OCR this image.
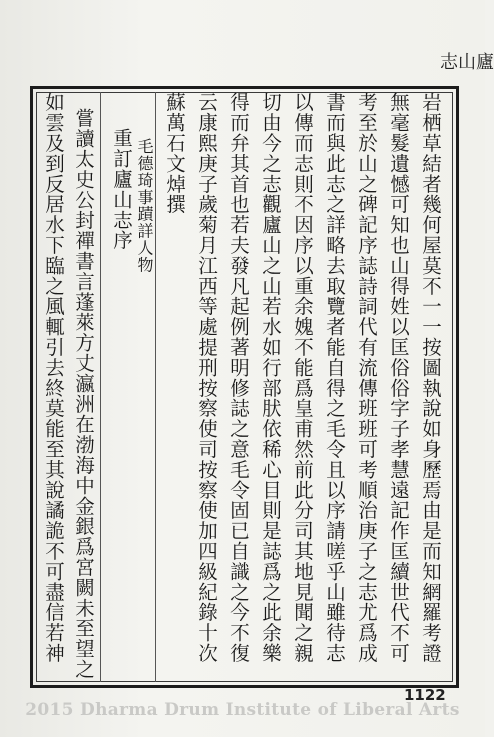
廬山志
岩栖草結者幾何屋莫不一一按圖執說如身歷焉由是而知網羅考證
無毫髮遺憾可知也山得姓以匡俗俗字子孝慧遠記作匡續世代不可
考至於山之碑記序誌詩詞代有流傳班班可考順治庚子之志尤爲成
書而與此志之詳略去取覽者能自得之毛令且以序請嗟乎山雖待志
以傳而志則不因序以重余媿不能爲皇甫然前此分司其地見聞之親
切由今之志觀廬山之山若水如行部肰依稀心目則是誌爲之此余樂
得而弁其首也若夫發凡起例著明修誌之意毛令固已自識之今不復
云康熙庚子歲菊月江西等處提刑按察使司按察使加四級紀錄十次
蘇萬石文焯撰
毛德琦事蹟詳人物
重訂廬山志序
嘗讀太史公封禪書言蓬萊方丈瀛洲在渤海中金銀爲宮闕未至望之
如雲及到反居水下臨之風輒引去終莫能至其說譎詭不可盡信若神
1122
2015 Dharma Drum Institute of Liberal Arts
